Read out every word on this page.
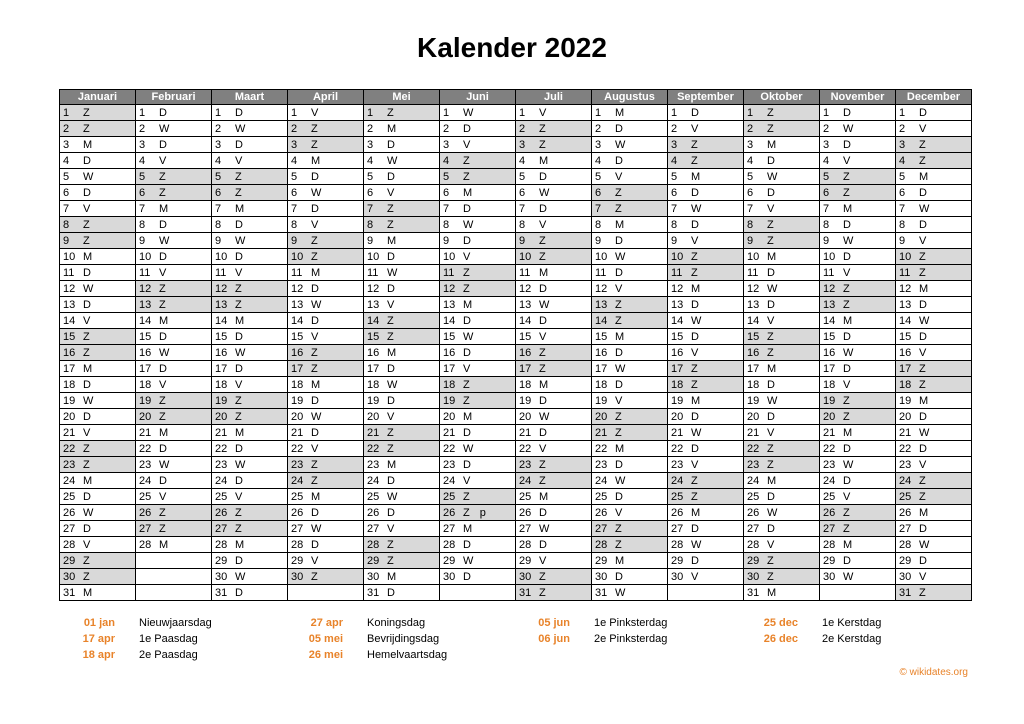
Kalender 2022
Januari	Februari	Maart	April	Mei	Juni	Juli	Augustus	September	Oktober	November	December
1 Z	1 D	1 D	1 V	1 Z	1 W	1 V	1 M	1 D	1 Z	1 D	1 D
2 Z	2 W	2 W	2 Z	2 M	2 D	2 Z	2 D	2 V	2 Z	2 W	2 V
3 M	3 D	3 D	3 Z	3 D	3 V	3 Z	3 W	3 Z	3 M	3 D	3 Z
4 D	4 V	4 V	4 M	4 W	4 Z	4 M	4 D	4 Z	4 D	4 V	4 Z
5 W	5 Z	5 Z	5 D	5 D	5 Z	5 D	5 V	5 M	5 W	5 Z	5 M
6 D	6 Z	6 Z	6 W	6 V	6 M	6 W	6 Z	6 D	6 D	6 Z	6 D
7 V	7 M	7 M	7 D	7 Z	7 D	7 D	7 Z	7 W	7 V	7 M	7 W
8 Z	8 D	8 D	8 V	8 Z	8 W	8 V	8 M	8 D	8 Z	8 D	8 D
9 Z	9 W	9 W	9 Z	9 M	9 D	9 Z	9 D	9 V	9 Z	9 W	9 V
10 M	10 D	10 D	10 Z	10 D	10 V	10 Z	10 W	10 Z	10 M	10 D	10 Z
11 D	11 V	11 V	11 M	11 W	11 Z	11 M	11 D	11 Z	11 D	11 V	11 Z
12 W	12 Z	12 Z	12 D	12 D	12 Z	12 D	12 V	12 M	12 W	12 Z	12 M
13 D	13 Z	13 Z	13 W	13 V	13 M	13 W	13 Z	13 D	13 D	13 Z	13 D
14 V	14 M	14 M	14 D	14 Z	14 D	14 D	14 Z	14 W	14 V	14 M	14 W
15 Z	15 D	15 D	15 V	15 Z	15 W	15 V	15 M	15 D	15 Z	15 D	15 D
16 Z	16 W	16 W	16 Z	16 M	16 D	16 Z	16 D	16 V	16 Z	16 W	16 V
17 M	17 D	17 D	17 Z	17 D	17 V	17 Z	17 W	17 Z	17 M	17 D	17 Z
18 D	18 V	18 V	18 M	18 W	18 Z	18 M	18 D	18 Z	18 D	18 V	18 Z
19 W	19 Z	19 Z	19 D	19 D	19 Z	19 D	19 V	19 M	19 W	19 Z	19 M
20 D	20 Z	20 Z	20 W	20 V	20 M	20 W	20 Z	20 D	20 D	20 Z	20 D
21 V	21 M	21 M	21 D	21 Z	21 D	21 D	21 Z	21 W	21 V	21 M	21 W
22 Z	22 D	22 D	22 V	22 Z	22 W	22 V	22 M	22 D	22 Z	22 D	22 D
23 Z	23 W	23 W	23 Z	23 M	23 D	23 Z	23 D	23 V	23 Z	23 W	23 V
24 M	24 D	24 D	24 Z	24 D	24 V	24 Z	24 W	24 Z	24 M	24 D	24 Z
25 D	25 V	25 V	25 M	25 W	25 Z	25 M	25 D	25 Z	25 D	25 V	25 Z
26 W	26 Z	26 Z	26 D	26 D	26 Z p	26 D	26 V	26 M	26 W	26 Z	26 M
27 D	27 Z	27 Z	27 W	27 V	27 M	27 W	27 Z	27 D	27 D	27 Z	27 D
28 V	28 M	28 M	28 D	28 Z	28 D	28 D	28 Z	28 W	28 V	28 M	28 W
29 Z		29 D	29 V	29 Z	29 W	29 V	29 M	29 D	29 Z	29 D	29 D
30 Z		30 W	30 Z	30 M	30 D	30 Z	30 D	30 V	30 Z	30 W	30 V
31 M		31 D		31 D		31 Z	31 W		31 M		31 Z
01 jan Nieuwjaarsdag
17 apr 1e Paasdag
18 apr 2e Paasdag
27 apr Koningsdag
05 mei Bevrijdingsdag
26 mei Hemelvaartsdag
05 jun 1e Pinksterdag
06 jun 2e Pinksterdag
25 dec 1e Kerstdag
26 dec 2e Kerstdag
© wikidates.org
